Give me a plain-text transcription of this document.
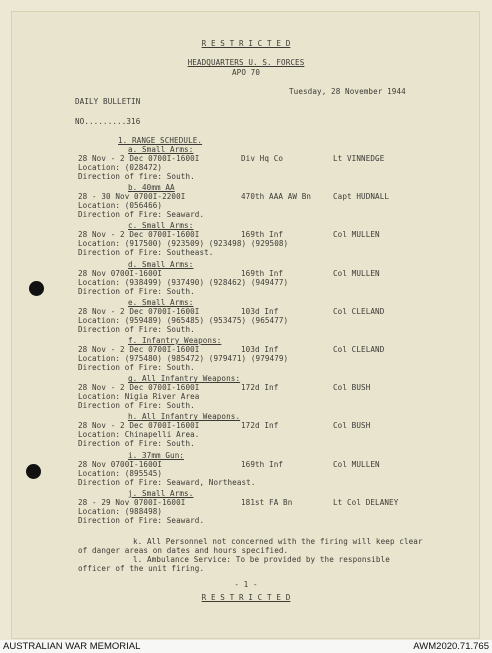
R E S T R I C T E D
HEADQUARTERS U. S. FORCES
APO 70
Tuesday, 28 November 1944
DAILY BULLETIN
NO.........316
1. RANGE SCHEDULE.
a. Small Arms:
28 Nov - 2 Dec 0700I-1600I	Div Hq Co	Lt VINNEDGE
Location: (028472)
Direction of fire: South.
b. 40mm AA
28 - 30 Nov 0700I-2200I	470th AAA AW Bn	Capt HUDNALL
Location: (056466)
Direction of Fire: Seaward.
c. Small Arms:
28 Nov - 2 Dec 0700I-1600I	169th Inf	Col MULLEN
Location: (917500) (923509) (923498) (929508)
Direction of Fire: Southeast.
d. Small Arms:
28 Nov 0700I-1600I	169th Inf	Col MULLEN
Location: (938499) (937490) (928462) (949477)
Direction of Fire: South.
e. Small Arms:
28 Nov - 2 Dec 0700I-1600I	103d Inf	Col CLELAND
Location: (959489) (965485) (953475) (965477)
Direction of Fire: South.
f. Infantry Weapons:
28 Nov - 2 Dec 0700I-1600I	103d Inf	Col CLELAND
Location: (975480) (985472) (979471) (979479)
Direction of Fire: South.
g. All Infantry Weapons:
28 Nov - 2 Dec 0700I-1600I	172d Inf	Col BUSH
Location: Nigia River Area
Direction of Fire: South.
h. All Infantry Weapons.
28 Nov - 2 Dec 0700I-1600I	172d Inf	Col BUSH
Location: Chinapelli Area.
Direction of Fire: South.
i. 37mm Gun:
28 Nov 0700I-1600I	169th Inf	Col MULLEN
Location: (895545)
Direction of Fire: Seaward, Northeast.
j. Small Arms.
28 - 29 Nov 0700I-1600I	181st FA Bn	Lt Col DELANEY
Location: (988498)
Direction of Fire: Seaward.
k. All Personnel not concerned with the firing will keep clear
of danger areas on dates and hours specified.
l. Ambulance Service: To be provided by the responsible
officer of the unit firing.
- 1 -
R E S T R I C T E D
AUSTRALIAN WAR MEMORIAL	AWM2020.71.765
